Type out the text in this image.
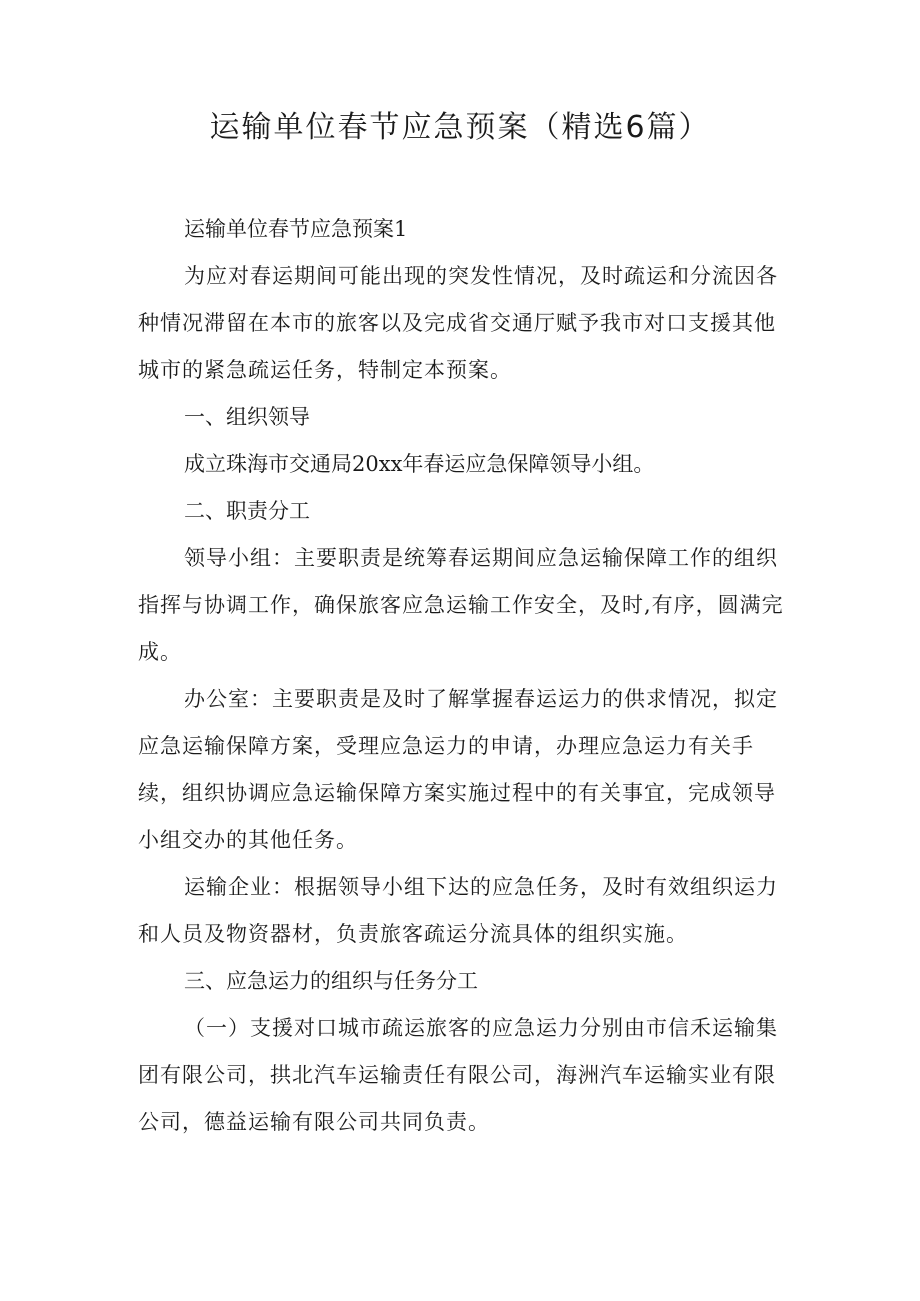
运输单位春节应急预案（精选6篇）

运输单位春节应急预案1

为应对春运期间可能出现的突发性情况，及时疏运和分流因各种情况滞留在本市的旅客以及完成省交通厅赋予我市对口支援其他城市的紧急疏运任务，特制定本预案。

一、组织领导

成立珠海市交通局20xx年春运应急保障领导小组。

二、职责分工

领导小组：主要职责是统筹春运期间应急运输保障工作的组织指挥与协调工作，确保旅客应急运输工作安全，及时,有序，圆满完成。

办公室：主要职责是及时了解掌握春运运力的供求情况，拟定应急运输保障方案，受理应急运力的申请，办理应急运力有关手续，组织协调应急运输保障方案实施过程中的有关事宜，完成领导小组交办的其他任务。

运输企业：根据领导小组下达的应急任务，及时有效组织运力和人员及物资器材，负责旅客疏运分流具体的组织实施。

三、应急运力的组织与任务分工

（一）支援对口城市疏运旅客的应急运力分别由市信禾运输集团有限公司，拱北汽车运输责任有限公司，海洲汽车运输实业有限公司，德益运输有限公司共同负责。
